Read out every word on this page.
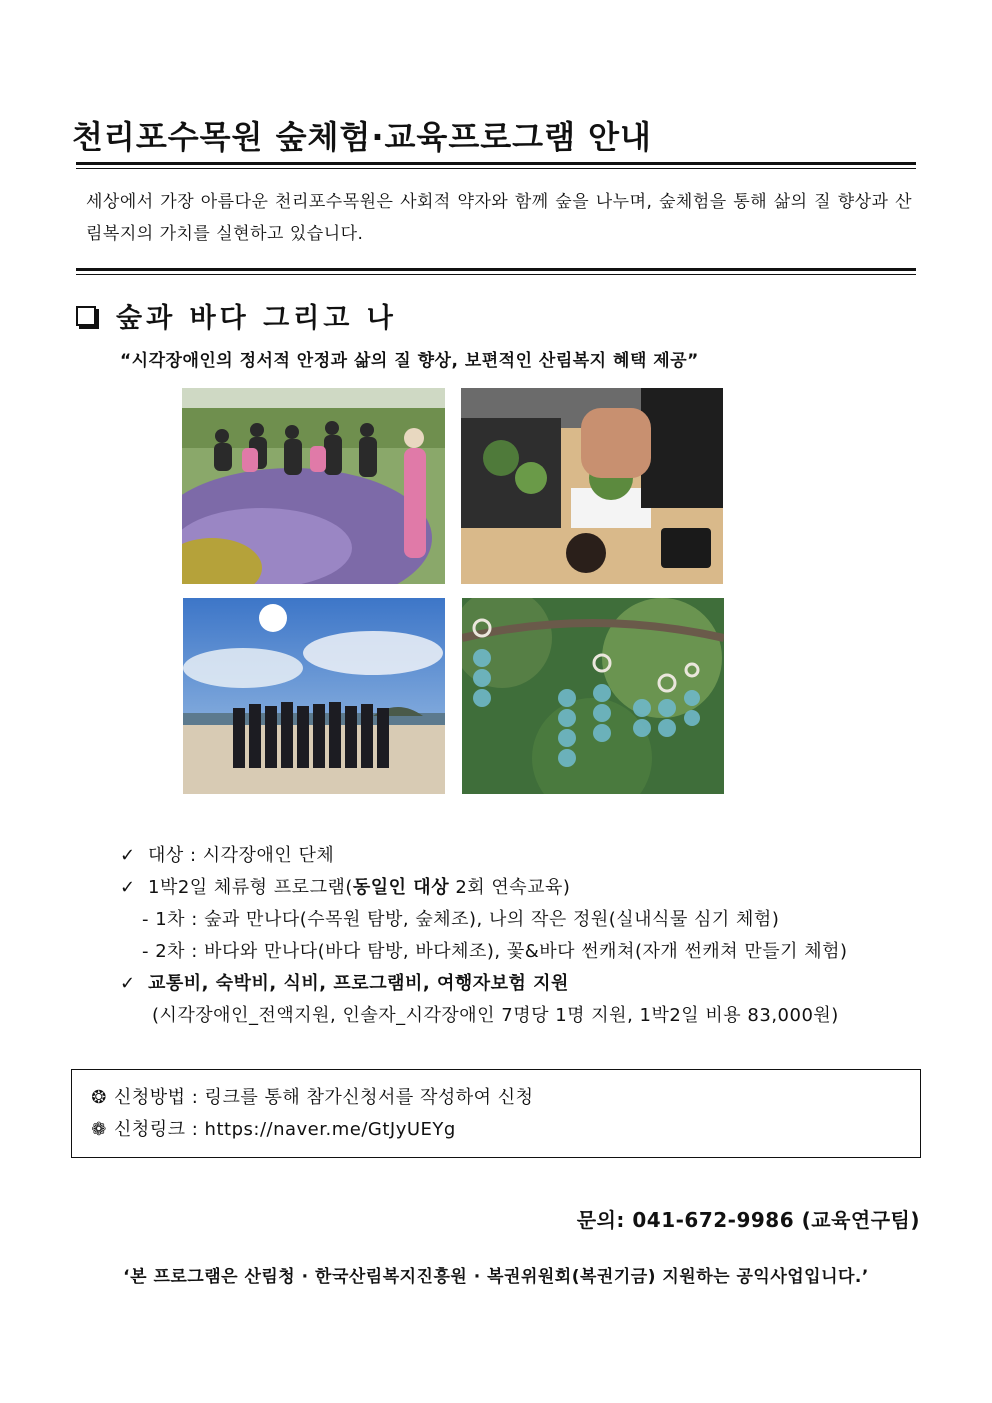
천리포수목원 숲체험·교육프로그램 안내

세상에서 가장 아름다운 천리포수목원은 사회적 약자와 함께 숲을 나누며, 숲체험을 통해 삶의 질 향상과 산림복지의 가치를 실현하고 있습니다.

숲과 바다 그리고 나
“시각장애인의 정서적 안정과 삶의 질 향상, 보편적인 산림복지 혜택 제공”
✓ 대상 : 시각장애인 단체
✓ 1박2일 체류형 프로그램(동일인 대상 2회 연속교육)
- 1차 : 숲과 만나다(수목원 탐방, 숲체조), 나의 작은 정원(실내식물 심기 체험)
- 2차 : 바다와 만나다(바다 탐방, 바다체조), 꽃&바다 썬캐쳐(자개 썬캐쳐 만들기 체험)
✓ 교통비, 숙박비, 식비, 프로그램비, 여행자보험 지원
(시각장애인_전액지원, 인솔자_시각장애인 7명당 1명 지원, 1박2일 비용 83,000원)
❂ 신청방법 : 링크를 통해 참가신청서를 작성하여 신청
❁ 신청링크 : https://naver.me/GtJyUEYg
문의: 041-672-9986 (교육연구팀)
‘본 프로그램은 산림청 · 한국산림복지진흥원 · 복권위원회(복권기금) 지원하는 공익사업입니다.’
